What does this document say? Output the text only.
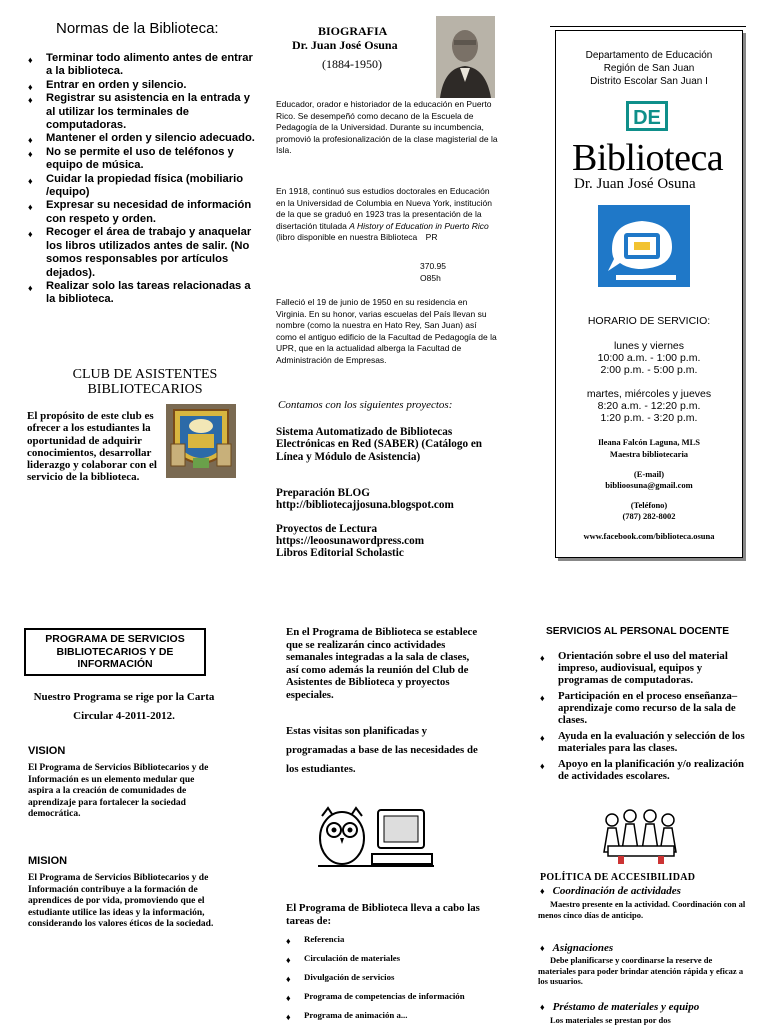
Normas de la Biblioteca:
♦ Terminar todo alimento antes de entrar a la biblioteca.
♦ Entrar en orden y silencio.
♦ Registrar su asistencia en la entrada y al utilizar los terminales de computadoras.
♦ Mantener el orden y silencio adecuado.
♦ No se permite el uso de teléfonos y equipo de música.
♦ Cuidar la propiedad física (mobiliario /equipo)
♦ Expresar su necesidad de información con respeto y orden.
♦ Recoger el área de trabajo y anaquelar los libros utilizados antes de salir. (No somos responsables por artículos dejados).
♦ Realizar solo las tareas relacionadas a la biblioteca.
CLUB DE ASISTENTES BIBLIOTECARIOS
El propósito de este club es ofrecer a los estudiantes la oportunidad de adquirir conocimientos, desarrollar liderazgo y colaborar con el servicio de la biblioteca.
BIOGRAFIA
Dr. Juan José Osuna
(1884-1950)
Educador, orador e historiador de la educación en Puerto Rico. Se desempeñó como decano de la Escuela de Pedagogía de la Universidad. Durante su incumbencia, promovió la profesionalización de la clase magisterial de la Isla.
En 1918, continuó sus estudios doctorales en Educación en la Universidad de Columbia en Nueva York, institución de la que se graduó en 1923 tras la presentación de la disertación titulada A History of Education in Puerto Rico (libro disponible en nuestra Biblioteca PR
370.95
O85h
Falleció el 19 de junio de 1950 en su residencia en Virginia. En su honor, varias escuelas del País llevan su nombre (como la nuestra en Hato Rey, San Juan) así como el antiguo edificio de la Facultad de Pedagogía de la UPR, que en la actualidad alberga la Facultad de Administración de Empresas.
Contamos con los siguientes proyectos:
Sistema Automatizado de Bibliotecas Electrónicas en Red (SABER) (Catálogo en Línea y Módulo de Asistencia)
Preparación BLOG
http://bibliotecajjosuna.blogspot.com
Proyectos de Lectura
https://leoosunawordpress.com
Libros Editorial Scholastic
Departamento de Educación
Región de San Juan
Distrito Escolar San Juan I
DE
Biblioteca
Dr. Juan José Osuna
HORARIO DE SERVICIO:
lunes y viernes
10:00 a.m. - 1:00 p.m.
2:00 p.m. - 5:00 p.m.
martes, miércoles y jueves
8:20 a.m. - 12:20 p.m.
1:20 p.m. - 3:20 p.m.
Ileana Falcón Laguna, MLS
Maestra bibliotecaria
(E-mail)
biblioosuna@gmail.com
(Teléfono)
(787) 282-8002
www.facebook.com/biblioteca.osuna
PROGRAMA DE SERVICIOS BIBLIOTECARIOS Y DE INFORMACIÓN
Nuestro Programa se rige por la Carta Circular 4-2011-2012.
VISION
El Programa de Servicios Bibliotecarios y de Información es un elemento medular que aspira a la creación de comunidades de aprendizaje para fortalecer la sociedad democrática.
MISION
El Programa de Servicios Bibliotecarios y de Información contribuye a la formación de aprendices de por vida, promoviendo que el estudiante utilice las ideas y la información, considerando los valores éticos de la sociedad.
En el Programa de Biblioteca se establece que se realizarán cinco actividades semanales integradas a la sala de clases, así como además la reunión del Club de Asistentes de Biblioteca y proyectos especiales.
Estas visitas son planificadas y programadas a base de las necesidades de los estudiantes.
El Programa de Biblioteca lleva a cabo las tareas de:
♦ Referencia
♦ Circulación de materiales
♦ Divulgación de servicios
♦ Programa de competencias de información
♦ Programa de animación a...
SERVICIOS AL PERSONAL DOCENTE
♦ Orientación sobre el uso del material impreso, audiovisual, equipos y programas de computadoras.
♦ Participación en el proceso enseñanza– aprendizaje como recurso de la sala de clases.
♦ Ayuda en la evaluación y selección de los materiales para las clases.
♦ Apoyo en la planificación y/o realización de actividades escolares.
POLÍTICA DE ACCESIBILIDAD
♦ Coordinación de actividades
Maestro presente en la actividad. Coordinación con al menos cinco días de anticipo.
♦ Asignaciones
Debe planificarse y coordinarse la reserve de materiales para poder brindar atención rápida y eficaz a los usuarios.
♦ Préstamo de materiales y equipo
Los materiales se prestan por dos
